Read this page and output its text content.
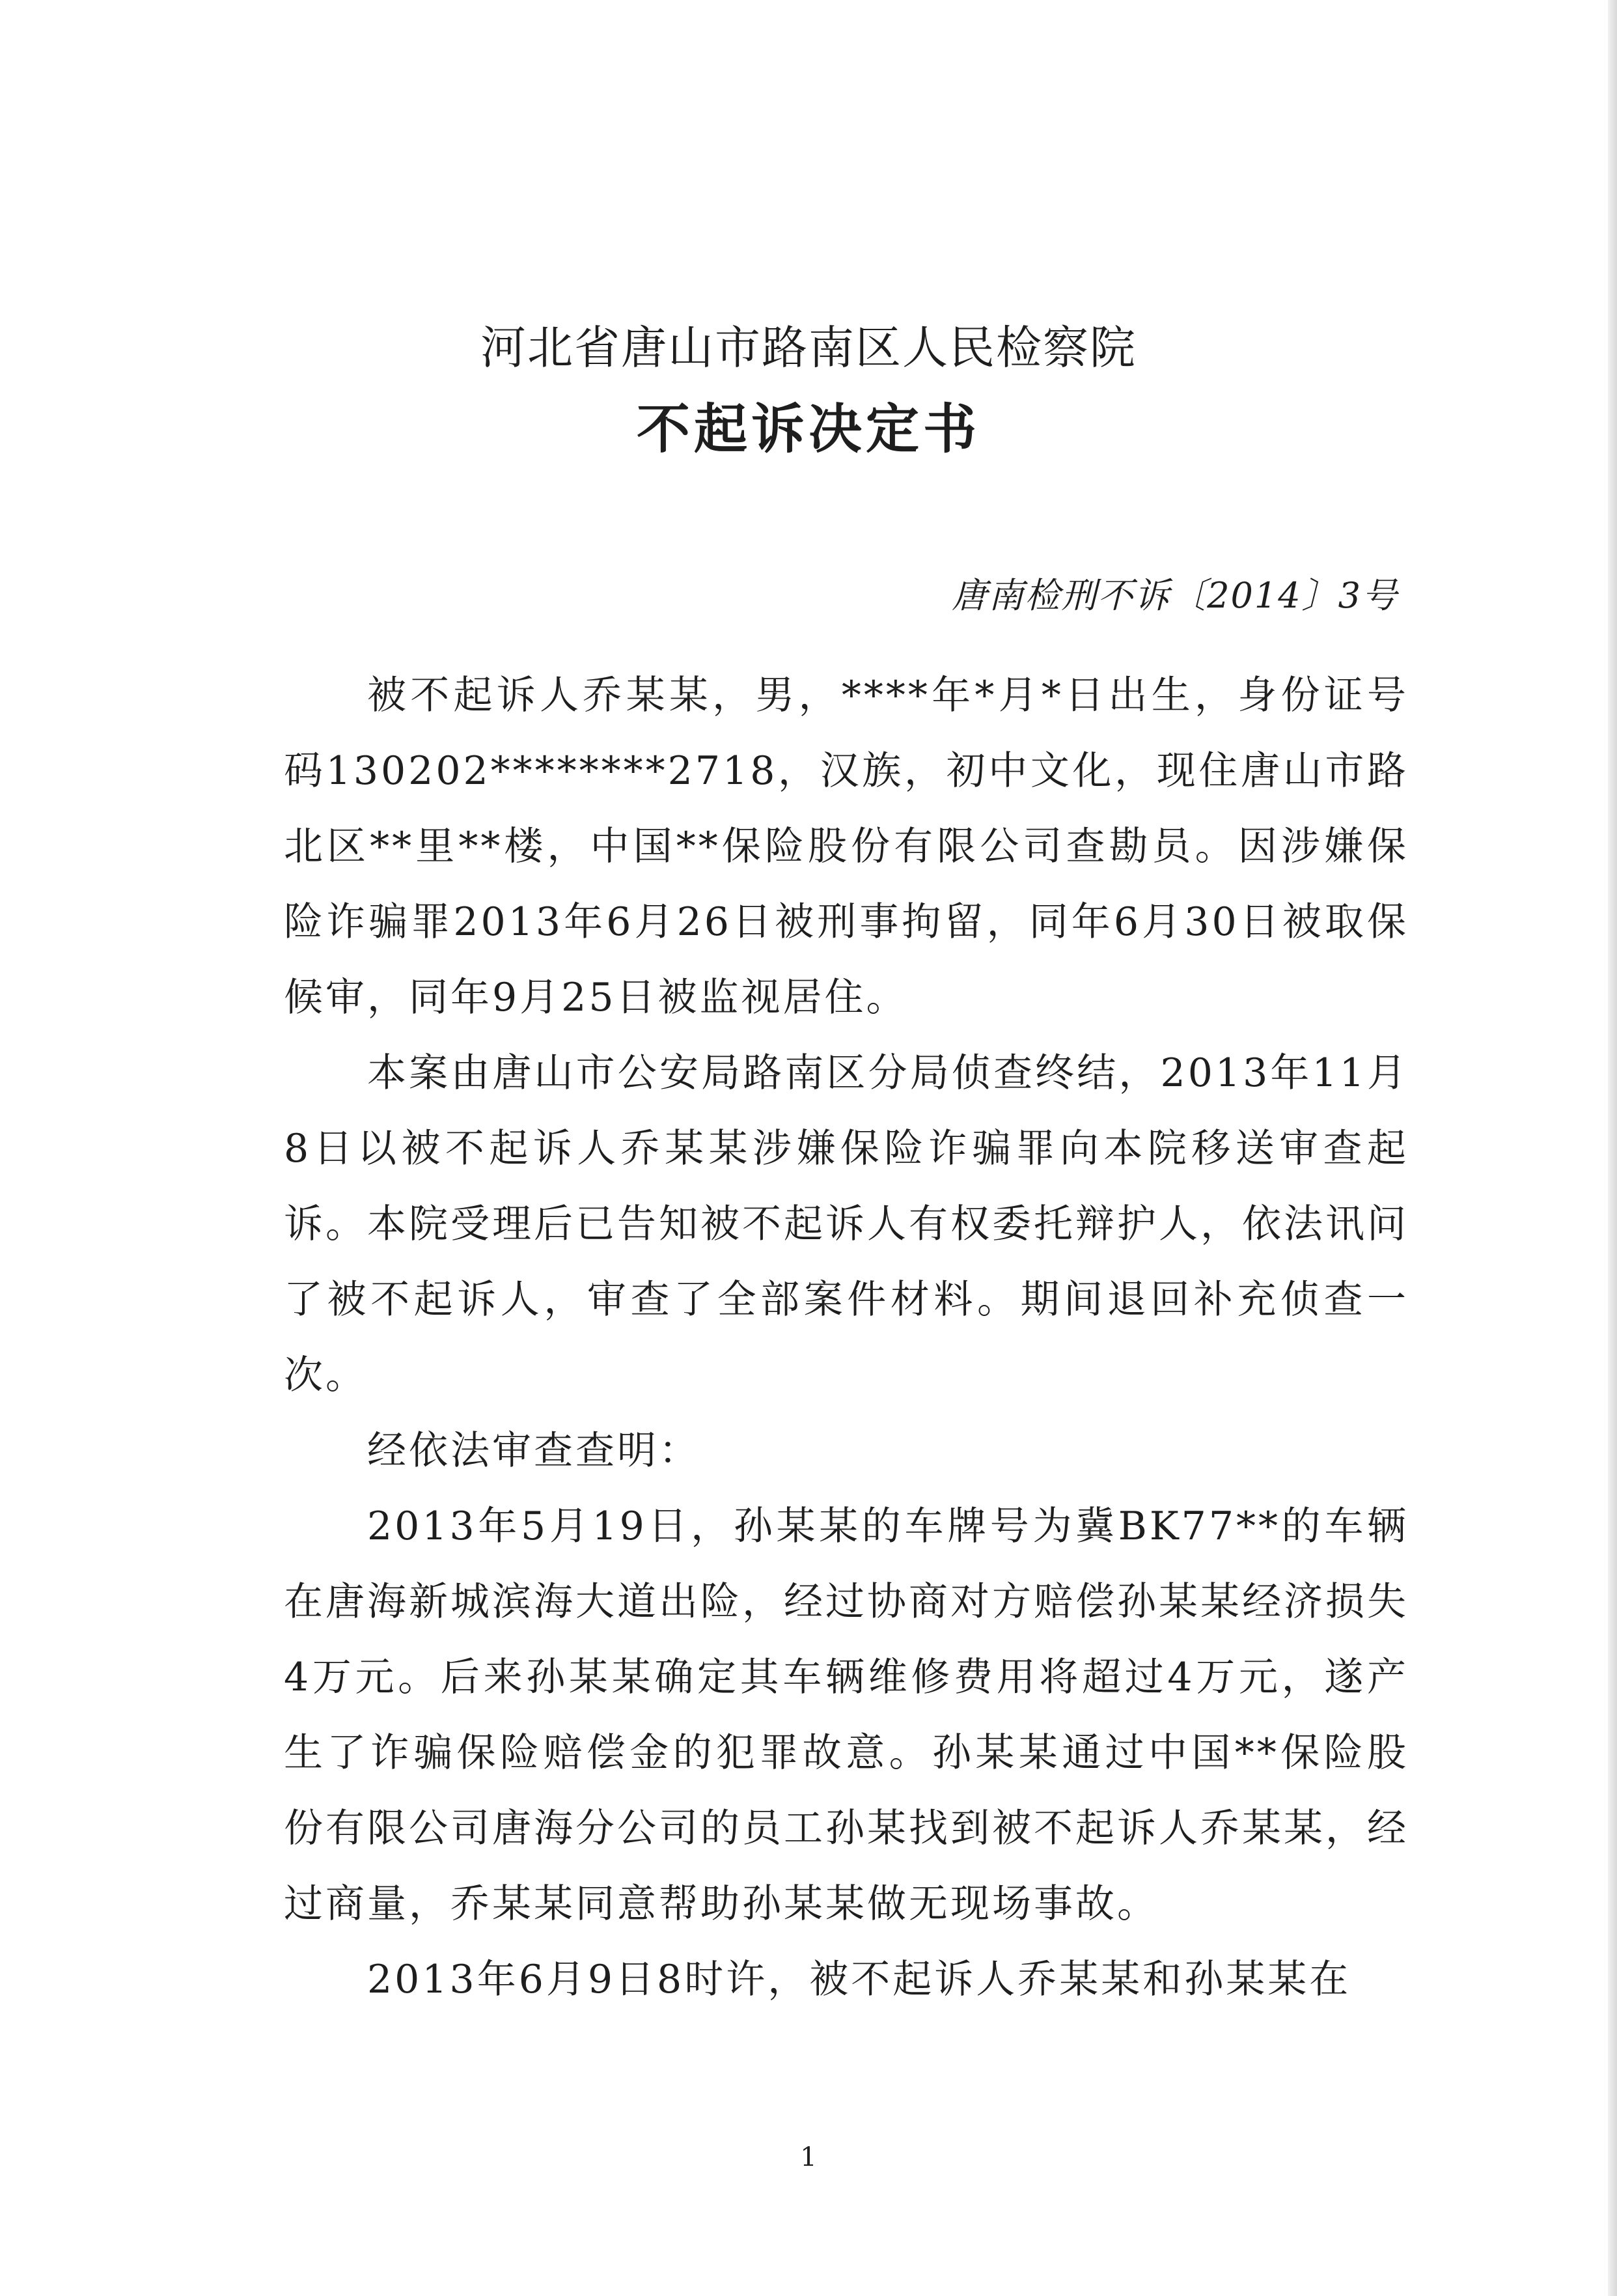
河北省唐山市路南区人民检察院
不起诉决定书
唐南检刑不诉〔2014〕3号

被不起诉人乔某某，男，****年*月*日出生，身份证号码130202********2718，汉族，初中文化，现住唐山市路北区**里**楼，中国**保险股份有限公司查勘员。因涉嫌保险诈骗罪2013年6月26日被刑事拘留，同年6月30日被取保候审，同年9月25日被监视居住。

本案由唐山市公安局路南区分局侦查终结，2013年11月8日以被不起诉人乔某某涉嫌保险诈骗罪向本院移送审查起诉。本院受理后已告知被不起诉人有权委托辩护人，依法讯问了被不起诉人，审查了全部案件材料。期间退回补充侦查一次。

经依法审查查明：

2013年5月19日，孙某某的车牌号为冀BK77**的车辆在唐海新城滨海大道出险，经过协商对方赔偿孙某某经济损失4万元。后来孙某某确定其车辆维修费用将超过4万元，遂产生了诈骗保险赔偿金的犯罪故意。孙某某通过中国**保险股份有限公司唐海分公司的员工孙某找到被不起诉人乔某某，经过商量，乔某某同意帮助孙某某做无现场事故。

2013年6月9日8时许，被不起诉人乔某某和孙某某在

1
